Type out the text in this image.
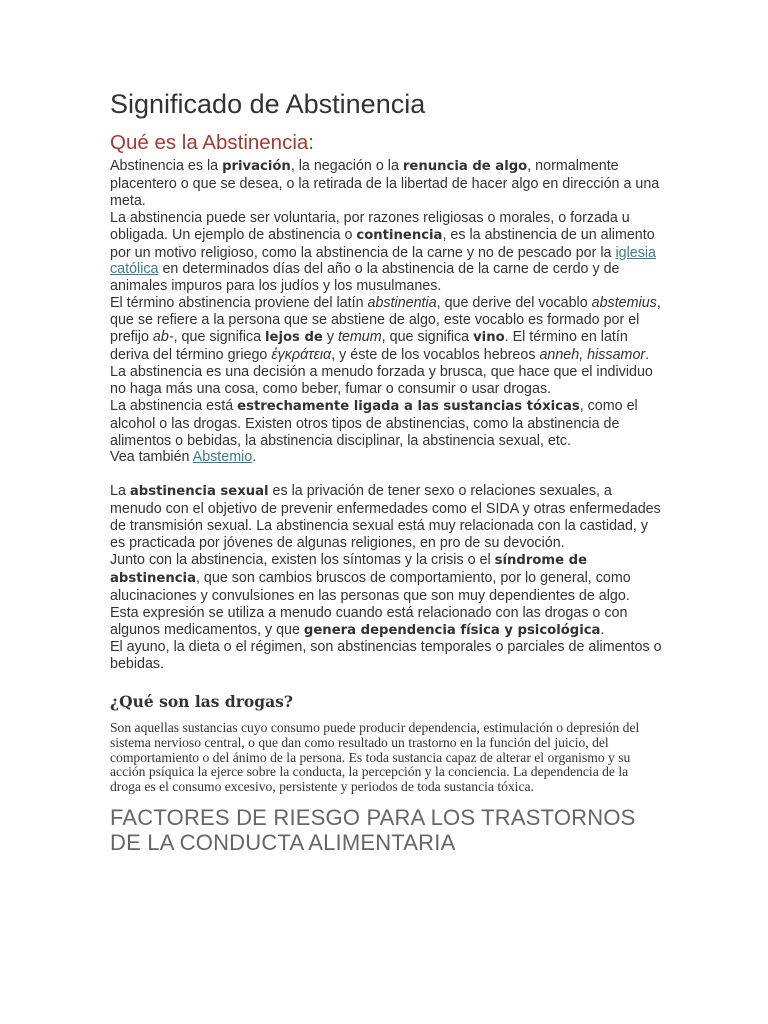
Significado de Abstinencia
Qué es la Abstinencia:

Abstinencia es la privación, la negación o la renuncia de algo, normalmente placentero o que se desea, o la retirada de la libertad de hacer algo en dirección a una meta.

La abstinencia puede ser voluntaria, por razones religiosas o morales, o forzada u obligada. Un ejemplo de abstinencia o continencia, es la abstinencia de un alimento por un motivo religioso, como la abstinencia de la carne y no de pescado por la iglesia católica en determinados días del año o la abstinencia de la carne de cerdo y de animales impuros para los judíos y los musulmanes.

El término abstinencia proviene del latín abstinentia, que derive del vocablo abstemius, que se refiere a la persona que se abstiene de algo, este vocablo es formado por el prefijo ab-, que significa lejos de y temum, que significa vino. El término en latín deriva del término griego ἐγκράτεια, y éste de los vocablos hebreos anneh, hissamor.

La abstinencia es una decisión a menudo forzada y brusca, que hace que el individuo no haga más una cosa, como beber, fumar o consumir o usar drogas.

La abstinencia está estrechamente ligada a las sustancias tóxicas, como el alcohol o las drogas. Existen otros tipos de abstinencias, como la abstinencia de alimentos o bebidas, la abstinencia disciplinar, la abstinencia sexual, etc.

Vea también Abstemio.

La abstinencia sexual es la privación de tener sexo o relaciones sexuales, a menudo con el objetivo de prevenir enfermedades como el SIDA y otras enfermedades de transmisión sexual. La abstinencia sexual está muy relacionada con la castidad, y es practicada por jóvenes de algunas religiones, en pro de su devoción.

Junto con la abstinencia, existen los síntomas y la crisis o el síndrome de abstinencia, que son cambios bruscos de comportamiento, por lo general, como alucinaciones y convulsiones en las personas que son muy dependientes de algo. Esta expresión se utiliza a menudo cuando está relacionado con las drogas o con algunos medicamentos, y que genera dependencia física y psicológica.

El ayuno, la dieta o el régimen, son abstinencias temporales o parciales de alimentos o bebidas.

¿Qué son las drogas?

Son aquellas sustancias cuyo consumo puede producir dependencia, estimulación o depresión del sistema nervioso central, o que dan como resultado un trastorno en la función del juicio, del comportamiento o del ánimo de la persona. Es toda sustancia capaz de alterar el organismo y su acción psíquica la ejerce sobre la conducta, la percepción y la conciencia. La dependencia de la droga es el consumo excesivo, persistente y periodos de toda sustancia tóxica.

FACTORES DE RIESGO PARA LOS TRASTORNOS DE LA CONDUCTA ALIMENTARIA
